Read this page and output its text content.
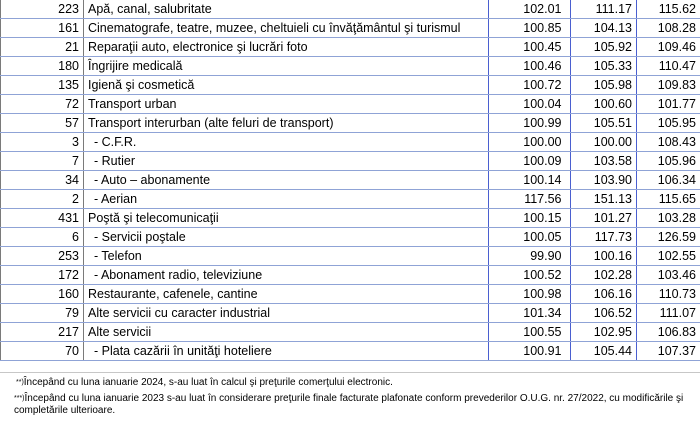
223	Apă, canal, salubritate	102.01		111.17	115.62
161	Cinematografe, teatre, muzee, cheltuieli cu învăţământul şi turismul	100.85		104.13	108.28
21	Reparaţii auto, electronice şi lucrări foto	100.45		105.92	109.46
180	Îngrijire medicală	100.46		105.33	110.47
135	Igienă şi cosmetică	100.72		105.98	109.83
72	Transport urban	100.04		100.60	101.77
57	Transport interurban (alte feluri de transport)	100.99		105.51	105.95
3	- C.F.R.	100.00		100.00	108.43
7	- Rutier	100.09		103.58	105.96
34	- Auto – abonamente	100.14		103.90	106.34
2	- Aerian	117.56		151.13	115.65
431	Poştă şi telecomunicaţii	100.15		101.27	103.28
6	- Servicii poştale	100.05		117.73	126.59
253	- Telefon	99.90		100.16	102.55
172	- Abonament radio, televiziune	100.52		102.28	103.46
160	Restaurante, cafenele, cantine	100.98		106.16	110.73
79	Alte servicii cu caracter industrial	101.34		106.52	111.07
217	Alte servicii	100.55		102.95	106.83
70	- Plata cazării în unităţi hoteliere	100.91		105.44	107.37
**)Începând cu luna ianuarie 2024, s-au luat în calcul şi preţurile comerţului electronic.
***)Începând cu luna ianuarie 2023 s-au luat în considerare preţurile finale facturate plafonate conform prevederilor O.U.G. nr. 27/2022, cu modificările şi completările ulterioare.
